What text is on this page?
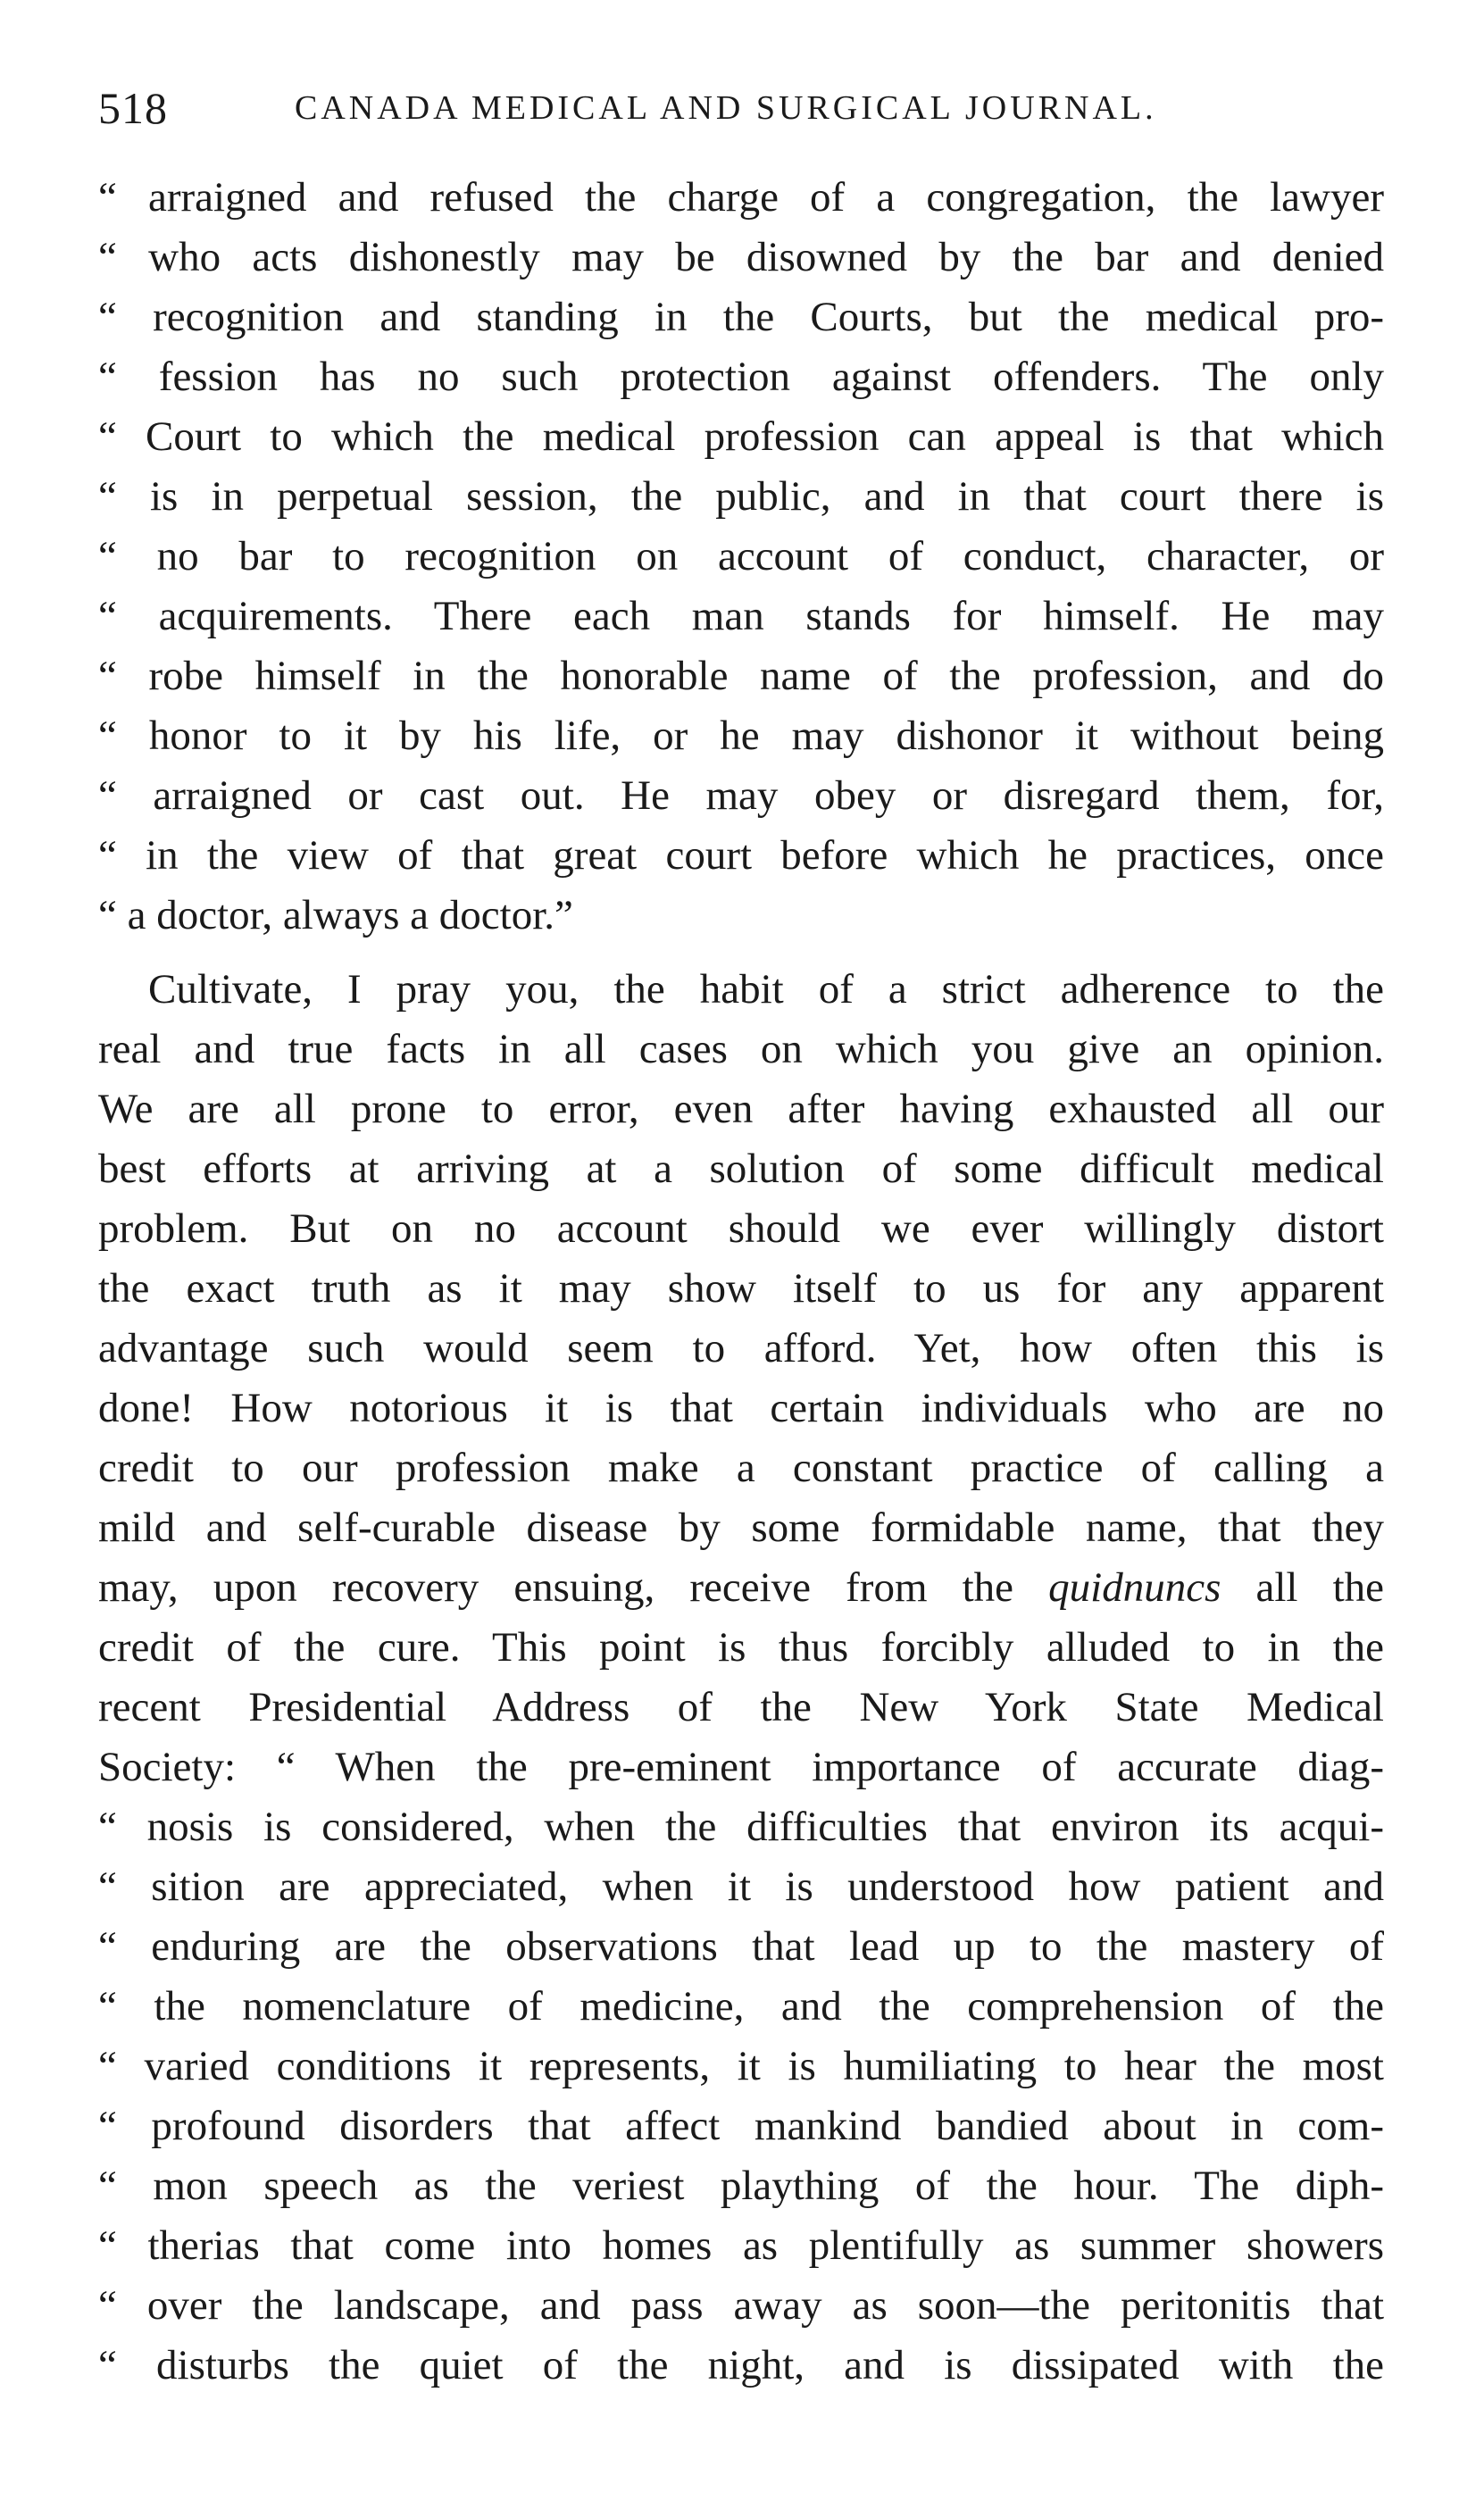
518	CANADA MEDICAL AND SURGICAL JOURNAL.
“ arraigned and refused the charge of a congregation, the lawyer
“ who acts dishonestly may be disowned by the bar and denied
“ recognition and standing in the Courts, but the medical pro-
“ fession has no such protection against offenders. The only
“ Court to which the medical profession can appeal is that which
“ is in perpetual session, the public, and in that court there is
“ no bar to recognition on account of conduct, character, or
“ acquirements. There each man stands for himself. He may
“ robe himself in the honorable name of the profession, and do
“ honor to it by his life, or he may dishonor it without being
“ arraigned or cast out. He may obey or disregard them, for,
“ in the view of that great court before which he practices, once
“ a doctor, always a doctor.”
Cultivate, I pray you, the habit of a strict adherence to the
real and true facts in all cases on which you give an opinion.
We are all prone to error, even after having exhausted all our
best efforts at arriving at a solution of some difficult medical
problem. But on no account should we ever willingly distort
the exact truth as it may show itself to us for any apparent
advantage such would seem to afford. Yet, how often this is
done! How notorious it is that certain individuals who are no
credit to our profession make a constant practice of calling a
mild and self-curable disease by some formidable name, that they
may, upon recovery ensuing, receive from the quidnuncs all the
credit of the cure. This point is thus forcibly alluded to in the
recent Presidential Address of the New York State Medical
Society: “ When the pre-eminent importance of accurate diag-
“ nosis is considered, when the difficulties that environ its acqui-
“ sition are appreciated, when it is understood how patient and
“ enduring are the observations that lead up to the mastery of
“ the nomenclature of medicine, and the comprehension of the
“ varied conditions it represents, it is humiliating to hear the most
“ profound disorders that affect mankind bandied about in com-
“ mon speech as the veriest plaything of the hour. The diph-
“ therias that come into homes as plentifully as summer showers
“ over the landscape, and pass away as soon—the peritonitis that
“ disturbs the quiet of the night, and is dissipated with the
